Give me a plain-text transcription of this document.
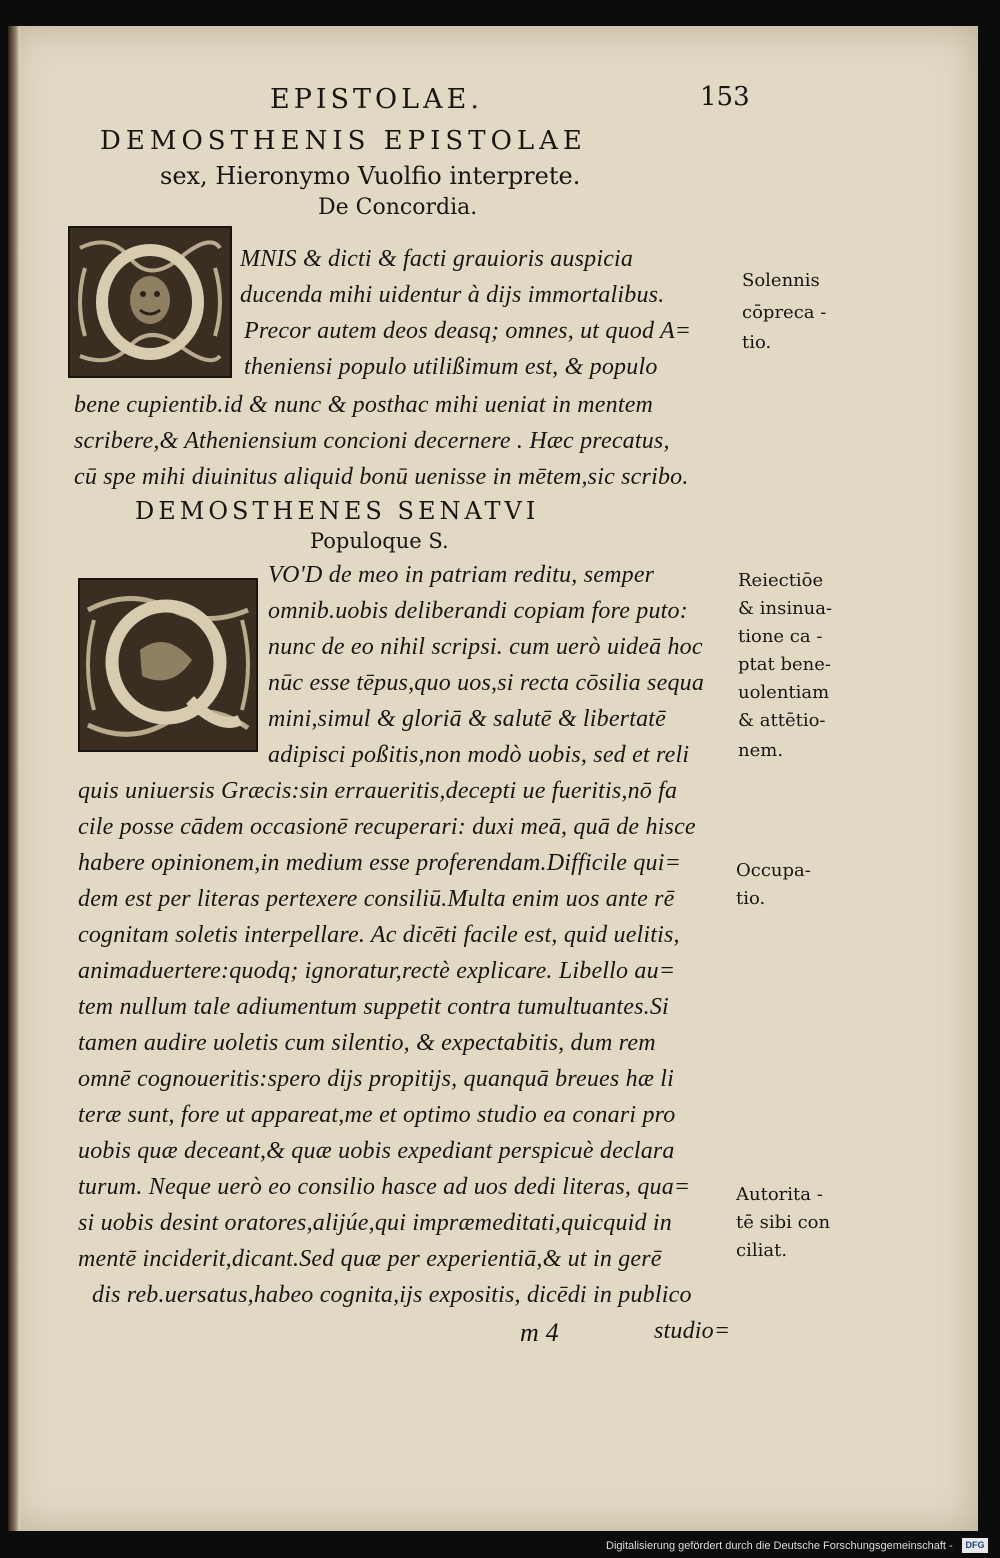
EPISTOLAE.	153
DEMOSTHENIS EPISTOLAE
sex, Hieronymo Vuolfio interprete.
De Concordia.
MNIS & dicti & facti grauioris auspicia
ducenda mihi uidentur à dijs immortalibus.
Precor autem deos deasq; omnes, ut quod A=
theniensi populo utilißimum est, & populo
bene cupientib.id & nunc & posthac mihi ueniat in mentem
scribere,& Atheniensium concioni decernere . Hæc precatus,
cū spe mihi diuinitus aliquid bonū uenisse in mētem,sic scribo.
Solennis
cōpreca -
tio.
DEMOSTHENES SENATVI
Populoque S.
VO'D de meo in patriam reditu, semper
omnib.uobis deliberandi copiam fore puto:
nunc de eo nihil scripsi. cum uerò uideā hoc
nūc esse tēpus,quo uos,si recta cōsilia sequa
mini,simul & gloriā & salutē & libertatē
adipisci poßitis,non modò uobis, sed et reli
quis uniuersis Græcis:sin erraueritis,decepti ue fueritis,nō fa
cile posse cādem occasionē recuperari: duxi meā, quā de hisce
habere opinionem,in medium esse proferendam.Difficile qui=
dem est per literas pertexere consiliū.Multa enim uos ante rē
cognitam soletis interpellare. Ac dicēti facile est, quid uelitis,
animaduertere:quodq; ignoratur,rectè explicare. Libello au=
tem nullum tale adiumentum suppetit contra tumultuantes.Si
tamen audire uoletis cum silentio, & expectabitis, dum rem
omnē cognoueritis:spero dijs propitijs, quanquā breues hæ li
teræ sunt, fore ut appareat,me et optimo studio ea conari pro
uobis quæ deceant,& quæ uobis expediant perspicuè declara
turum. Neque uerò eo consilio hasce ad uos dedi literas, qua=
si uobis desint oratores,alijúe,qui impræmeditati,quicquid in
mentē inciderit,dicant.Sed quæ per experientiā,& ut in gerē
dis reb.uersatus,habeo cognita,ijs expositis, dicēdi in publico
Reiectiōe
& insinua-
tione ca -
ptat bene-
uolentiam
& attētio-
nem.
Occupa-
tio.
Autorita -
tē sibi con
ciliat.
m 4	studio=
Digitalisierung gefördert durch die Deutsche Forschungsgemeinschaft -	DFG
